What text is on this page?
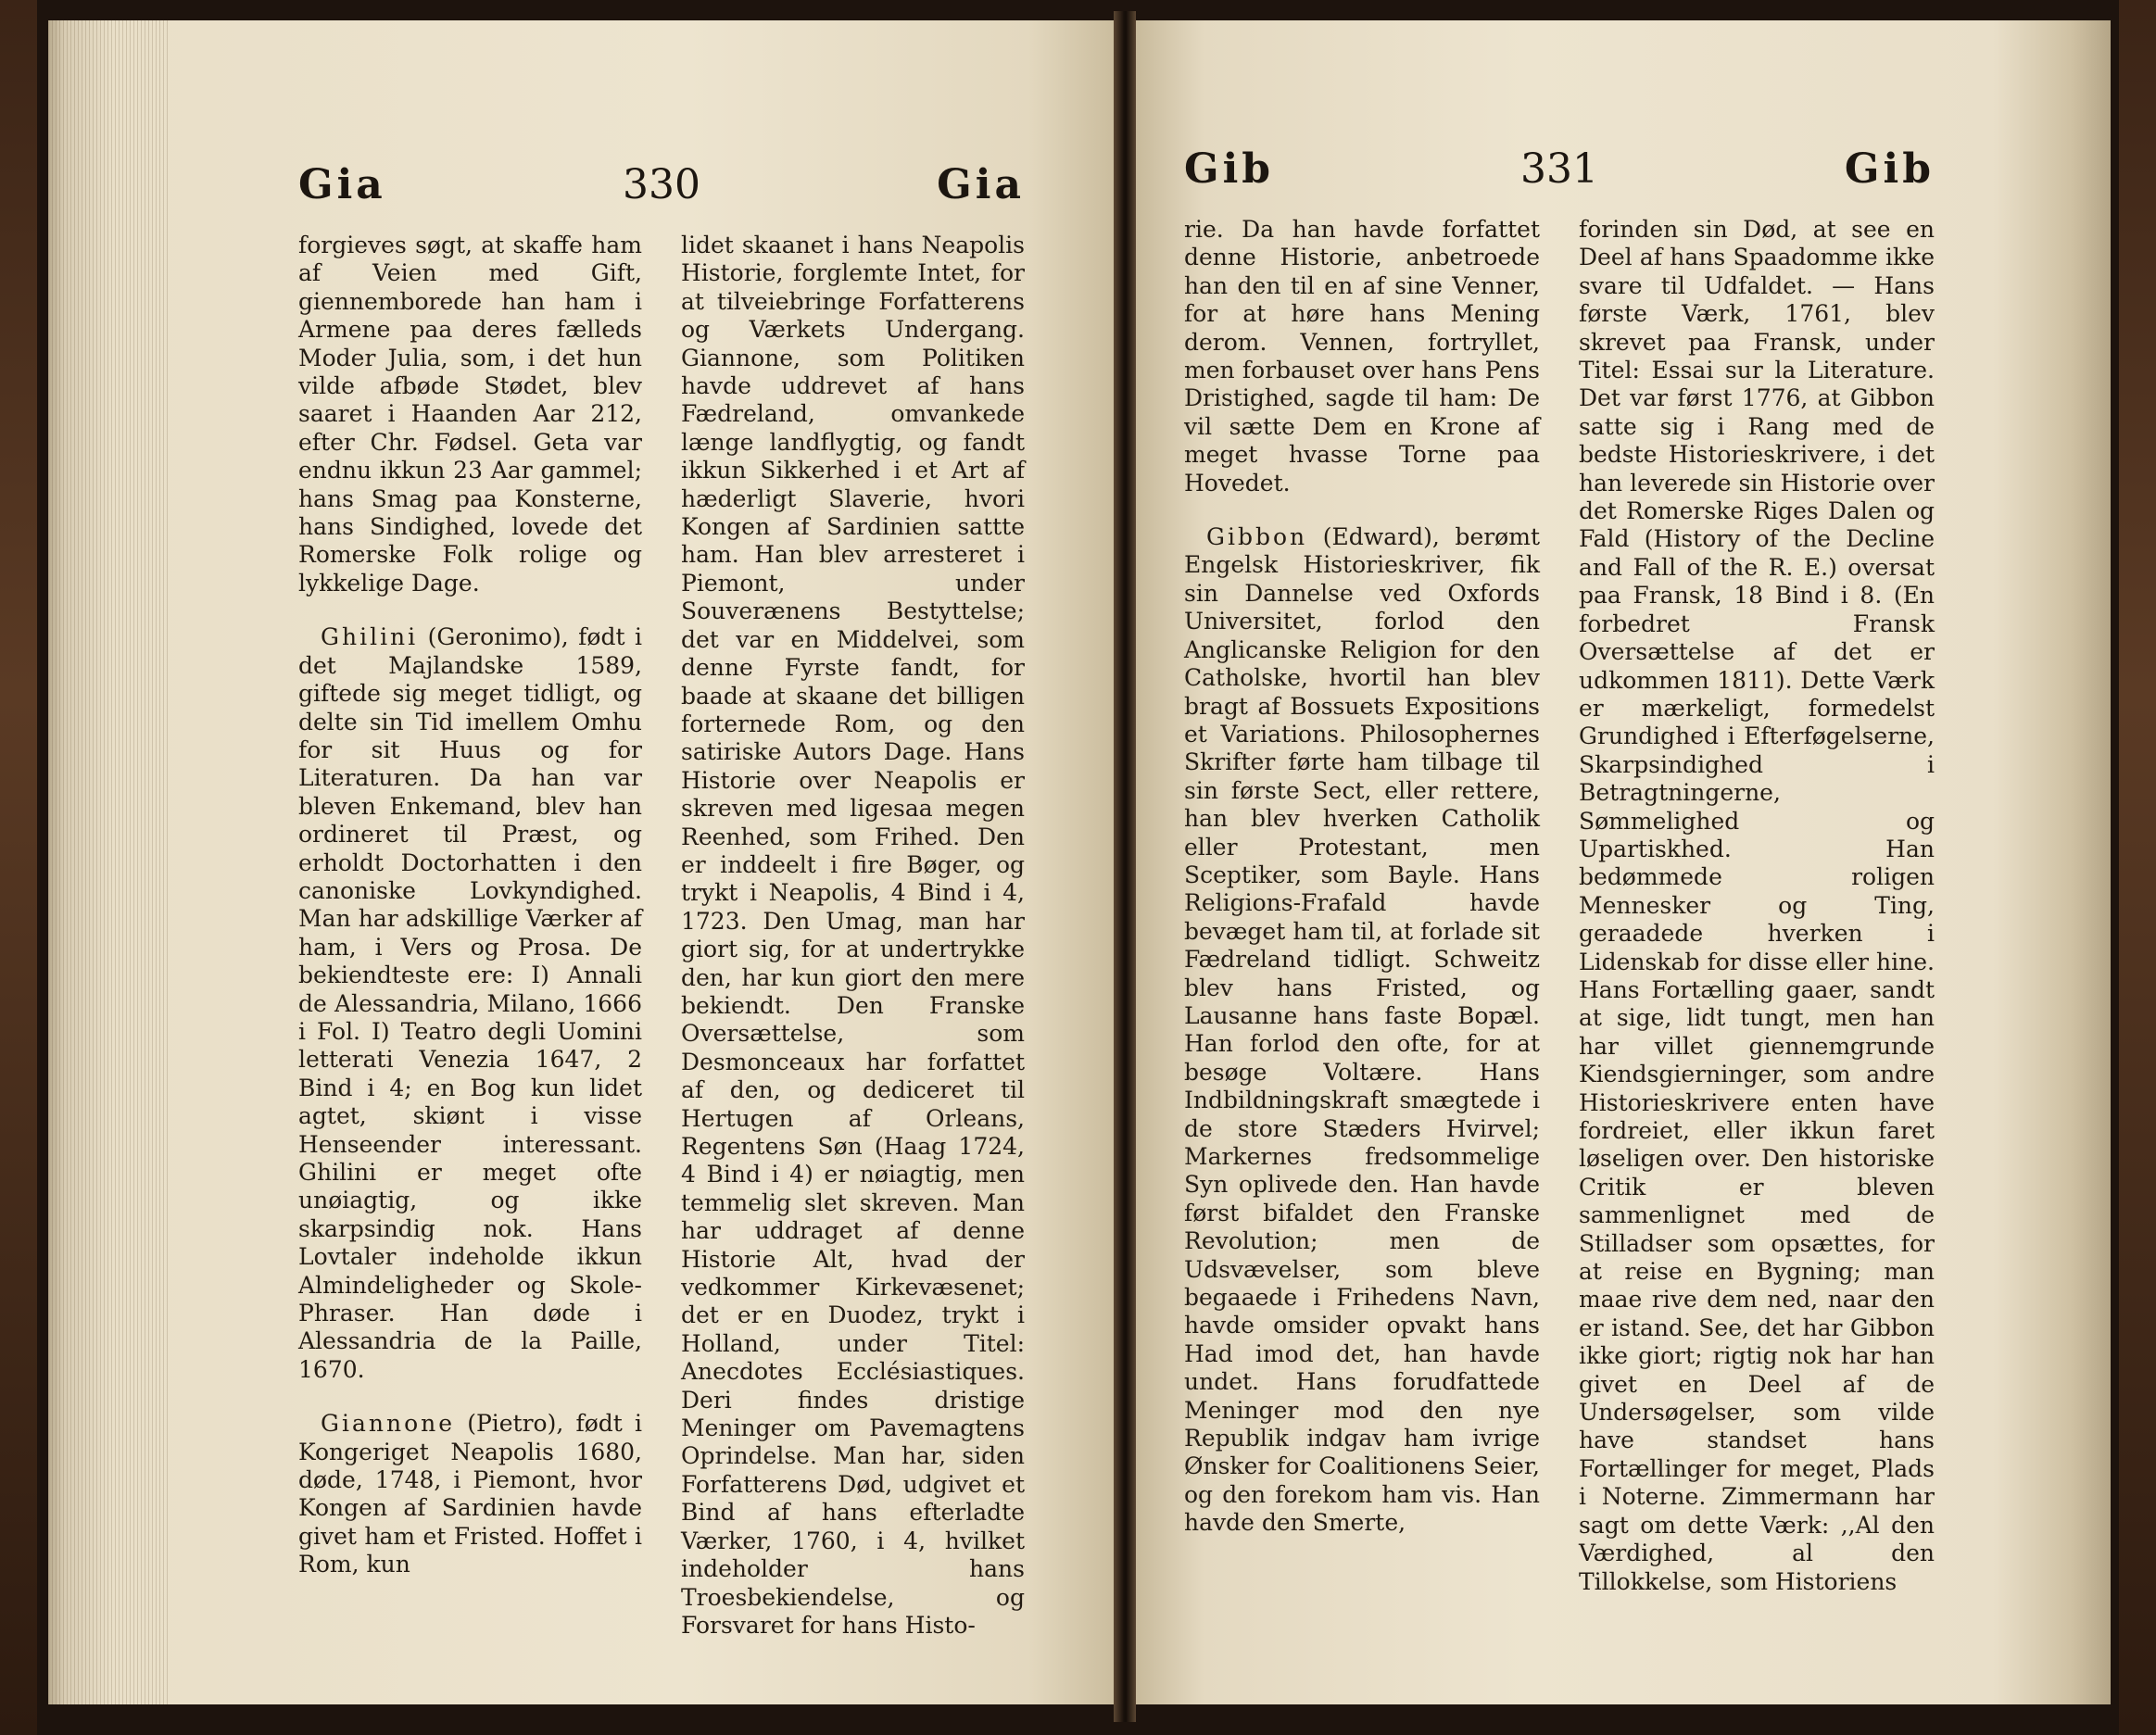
Gia	330	Gia

forgieves søgt, at skaffe ham af Veien med Gift, giennemborede han ham i Armene paa deres fælleds Moder Julia, som, i det hun vilde afbøde Stødet, blev saaret i Haanden Aar 212, efter Chr. Fødsel. Geta var endnu ikkun 23 Aar gammel; hans Smag paa Konsterne, hans Sindighed, lovede det Romerske Folk rolige og lykkelige Dage.

Ghilini (Geronimo), født i det Majlandske 1589, giftede sig meget tidligt, og delte sin Tid imellem Omhu for sit Huus og for Literaturen. Da han var bleven Enkemand, blev han ordineret til Præst, og erholdt Doctorhatten i den canoniske Lovkyndighed. Man har adskillige Værker af ham, i Vers og Prosa. De bekiendteste ere: I) Annali de Alessandria, Milano, 1666 i Fol. I) Teatro degli Uomini letterati Venezia 1647, 2 Bind i 4; en Bog kun lidet agtet, skiønt i visse Henseender interessant. Ghilini er meget ofte unøiagtig, og ikke skarpsindig nok. Hans Lovtaler indeholde ikkun Almindeligheder og Skole-Phraser. Han døde i Alessandria de la Paille, 1670.

Giannone (Pietro), født i Kongeriget Neapolis 1680, døde, 1748, i Piemont, hvor Kongen af Sardinien havde givet ham et Fristed. Hoffet i Rom, kun

lidet skaanet i hans Neapolis Historie, forglemte Intet, for at tilveiebringe Forfatterens og Værkets Undergang. Giannone, som Politiken havde uddrevet af hans Fædreland, omvankede længe landflygtig, og fandt ikkun Sikkerhed i et Art af hæderligt Slaverie, hvori Kongen af Sardinien sattte ham. Han blev arresteret i Piemont, under Souverænens Bestyttelse; det var en Middelvei, som denne Fyrste fandt, for baade at skaane det billigen forternede Rom, og den satiriske Autors Dage. Hans Historie over Neapolis er skreven med ligesaa megen Reenhed, som Frihed. Den er inddeelt i fire Bøger, og trykt i Neapolis, 4 Bind i 4, 1723. Den Umag, man har giort sig, for at undertrykke den, har kun giort den mere bekiendt. Den Franske Oversættelse, som Desmonceaux har forfattet af den, og dediceret til Hertugen af Orleans, Regentens Søn (Haag 1724, 4 Bind i 4) er nøiagtig, men temmelig slet skreven. Man har uddraget af denne Historie Alt, hvad der vedkommer Kirkevæsenet; det er en Duodez, trykt i Holland, under Titel: Anecdotes Ecclésiastiques. Deri findes dristige Meninger om Pavemagtens Oprindelse. Man har, siden Forfatterens Død, udgivet et Bind af hans efterladte Værker, 1760, i 4, hvilket indeholder hans Troesbekiendelse, og Forsvaret for hans Histo-

Gib	331	Gib

rie. Da han havde forfattet denne Historie, anbetroede han den til en af sine Venner, for at høre hans Mening derom. Vennen, fortryllet, men forbauset over hans Pens Dristighed, sagde til ham: De vil sætte Dem en Krone af meget hvasse Torne paa Hovedet.

Gibbon (Edward), berømt Engelsk Historieskriver, fik sin Dannelse ved Oxfords Universitet, forlod den Anglicanske Religion for den Catholske, hvortil han blev bragt af Bossuets Expositions et Variations. Philosophernes Skrifter førte ham tilbage til sin første Sect, eller rettere, han blev hverken Catholik eller Protestant, men Sceptiker, som Bayle. Hans Religions-Frafald havde bevæget ham til, at forlade sit Fædreland tidligt. Schweitz blev hans Fristed, og Lausanne hans faste Bopæl. Han forlod den ofte, for at besøge Voltære. Hans Indbildningskraft smægtede i de store Stæders Hvirvel; Markernes fredsommelige Syn oplivede den. Han havde først bifaldet den Franske Revolution; men de Udsvævelser, som bleve begaaede i Frihedens Navn, havde omsider opvakt hans Had imod det, han havde undet. Hans forudfattede Meninger mod den nye Republik indgav ham ivrige Ønsker for Coalitionens Seier, og den forekom ham vis. Han havde den Smerte,

forinden sin Død, at see en Deel af hans Spaadomme ikke svare til Udfaldet. — Hans første Værk, 1761, blev skrevet paa Fransk, under Titel: Essai sur la Literature. Det var først 1776, at Gibbon satte sig i Rang med de bedste Historieskrivere, i det han leverede sin Historie over det Romerske Riges Dalen og Fald (History of the Decline and Fall of the R. E.) oversat paa Fransk, 18 Bind i 8. (En forbedret Fransk Oversættelse af det er udkommen 1811). Dette Værk er mærkeligt, formedelst Grundighed i Efterføgelserne, Skarpsindighed i Betragtningerne, Sømmelighed og Upartiskhed. Han bedømmede roligen Mennesker og Ting, geraadede hverken i Lidenskab for disse eller hine. Hans Fortælling gaaer, sandt at sige, lidt tungt, men han har villet giennemgrunde Kiendsgierninger, som andre Historieskrivere enten have fordreiet, eller ikkun faret løseligen over. Den historiske Critik er bleven sammenlignet med de Stilladser som opsættes, for at reise en Bygning; man maae rive dem ned, naar den er istand. See, det har Gibbon ikke giort; rigtig nok har han givet en Deel af de Undersøgelser, som vilde have standset hans Fortællinger for meget, Plads i Noterne. Zimmermann har sagt om dette Værk: ,,Al den Værdighed, al den Tillokkelse, som Historiens
